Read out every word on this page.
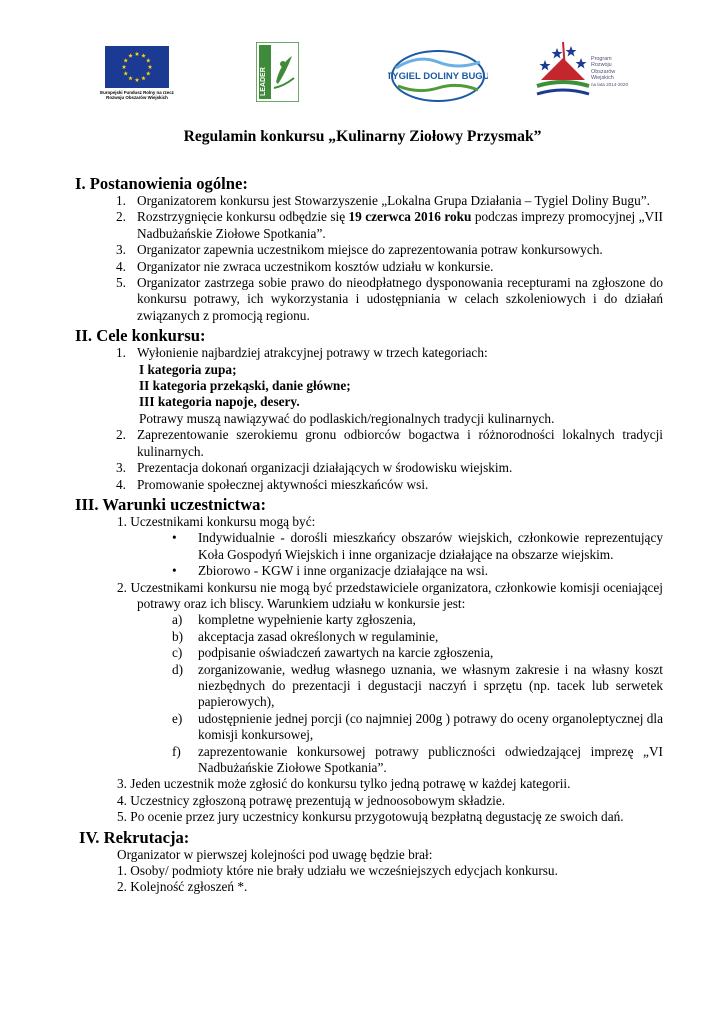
Europejski Fundusz Rolny na rzecz Rozwoju Obszarów Wiejskich
LEADER	TYGIEL DOLINY BUGU
Program
Rozwoju
Obszarów
Wiejskich
na lata 2014-2020
Regulamin konkursu „Kulinarny Ziołowy Przysmak”
I. Postanowienia ogólne:
1. Organizatorem konkursu jest Stowarzyszenie „Lokalna Grupa Działania – Tygiel Doliny Bugu”.
2. Rozstrzygnięcie konkursu odbędzie się 19 czerwca 2016 roku podczas imprezy promocyjnej „VII Nadbużańskie Ziołowe Spotkania”.
3. Organizator zapewnia uczestnikom miejsce do zaprezentowania potraw konkursowych.
4. Organizator nie zwraca uczestnikom kosztów udziału w konkursie.
5. Organizator zastrzega sobie prawo do nieodpłatnego dysponowania recepturami na zgłoszone do konkursu potrawy, ich wykorzystania i udostępniania w celach szkoleniowych i do działań związanych z promocją regionu.
II. Cele konkursu:
1. Wyłonienie najbardziej atrakcyjnej potrawy w trzech kategoriach:
I kategoria zupa;
II kategoria przekąski, danie główne;
III kategoria napoje, desery.
Potrawy muszą nawiązywać do podlaskich/regionalnych tradycji kulinarnych.
2. Zaprezentowanie szerokiemu gronu odbiorców bogactwa i różnorodności lokalnych tradycji kulinarnych.
3. Prezentacja dokonań organizacji działających w środowisku wiejskim.
4. Promowanie społecznej aktywności mieszkańców wsi.
III. Warunki uczestnictwa:
1. Uczestnikami konkursu mogą być:
• Indywidualnie - dorośli mieszkańcy obszarów wiejskich, członkowie reprezentujący Koła Gospodyń Wiejskich i inne organizacje działające na obszarze wiejskim.
• Zbiorowo - KGW i inne organizacje działające na wsi.
2. Uczestnikami konkursu nie mogą być przedstawiciele organizatora, członkowie komisji oceniającej potrawy oraz ich bliscy. Warunkiem udziału w konkursie jest:
a) kompletne wypełnienie karty zgłoszenia,
b) akceptacja zasad określonych w regulaminie,
c) podpisanie oświadczeń zawartych na karcie zgłoszenia,
d) zorganizowanie, według własnego uznania, we własnym zakresie i na własny koszt niezbędnych do prezentacji i degustacji naczyń i sprzętu (np. tacek lub serwetek papierowych),
e) udostępnienie jednej porcji (co najmniej 200g ) potrawy do oceny organoleptycznej dla komisji konkursowej,
f) zaprezentowanie konkursowej potrawy publiczności odwiedzającej imprezę „VI Nadbużańskie Ziołowe Spotkania”.
3. Jeden uczestnik może zgłosić do konkursu tylko jedną potrawę w każdej kategorii.
4. Uczestnicy zgłoszoną potrawę prezentują w jednoosobowym składzie.
5. Po ocenie przez jury uczestnicy konkursu przygotowują bezpłatną degustację ze swoich dań.
IV. Rekrutacja:
Organizator w pierwszej kolejności pod uwagę będzie brał:
1. Osoby/ podmioty które nie brały udziału we wcześniejszych edycjach konkursu.
2. Kolejność zgłoszeń *.
